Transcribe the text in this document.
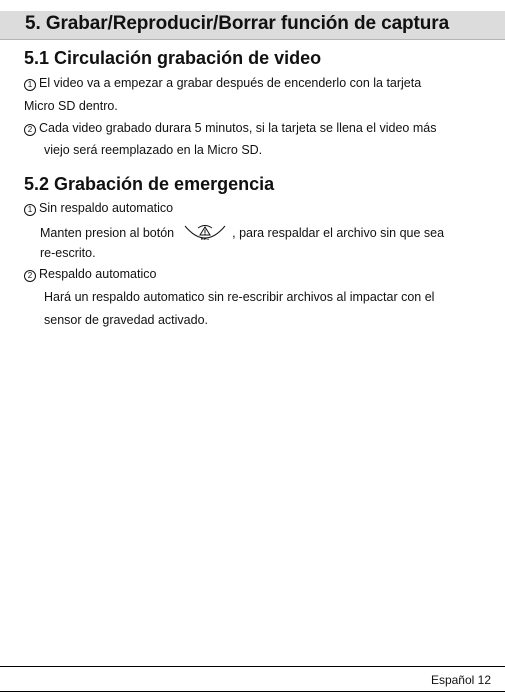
5. Grabar/Reproducir/Borrar función de captura
5.1 Circulación grabación de video
1 El video va a empezar a grabar después de encenderlo con la tarjeta
Micro SD dentro.
2 Cada video grabado durara 5 minutos, si la tarjeta se llena el video más
viejo será reemplazado en la Micro SD.
5.2 Grabación de emergencia
1 Sin respaldo automatico
Manten presion al botón	REC , para respaldar el archivo sin que sea
re-escrito.
2 Respaldo automatico
Hará un respaldo automatico sin re-escribir archivos al impactar con el
sensor de gravedad activado.
Español 12
